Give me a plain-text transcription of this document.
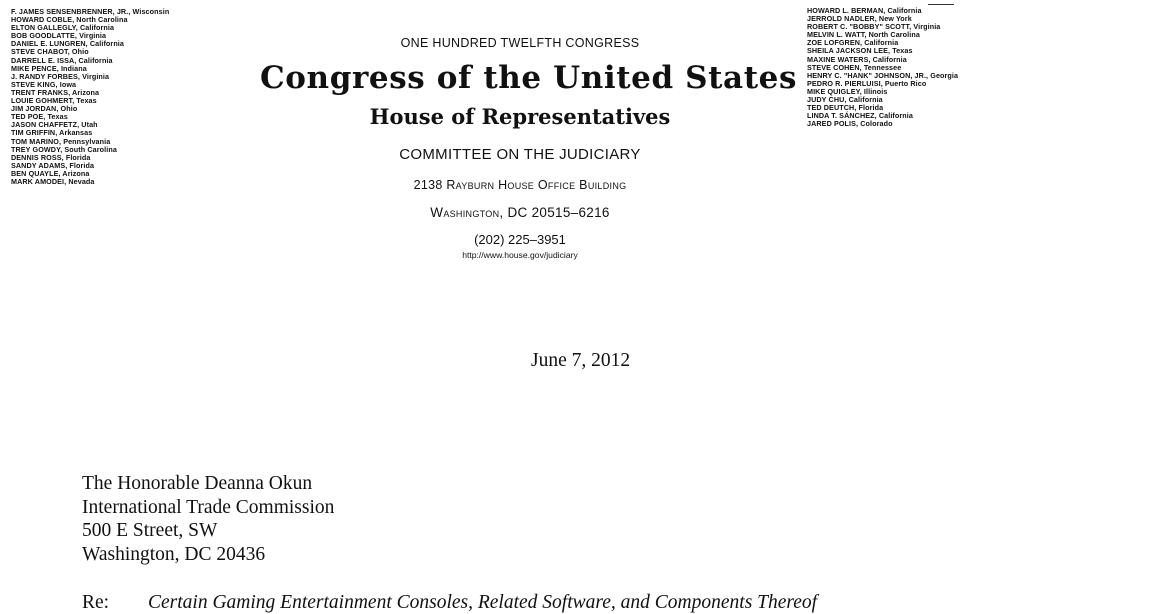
F. JAMES SENSENBRENNER, JR., Wisconsin
HOWARD COBLE, North Carolina
ELTON GALLEGLY, California
BOB GOODLATTE, Virginia
DANIEL E. LUNGREN, California
STEVE CHABOT, Ohio
DARRELL E. ISSA, California
MIKE PENCE, Indiana
J. RANDY FORBES, Virginia
STEVE KING, Iowa
TRENT FRANKS, Arizona
LOUIE GOHMERT, Texas
JIM JORDAN, Ohio
TED POE, Texas
JASON CHAFFETZ, Utah
TIM GRIFFIN, Arkansas
TOM MARINO, Pennsylvania
TREY GOWDY, South Carolina
DENNIS ROSS, Florida
SANDY ADAMS, Florida
BEN QUAYLE, Arizona
MARK AMODEI, Nevada
HOWARD L. BERMAN, California
JERROLD NADLER, New York
ROBERT C. "BOBBY" SCOTT, Virginia
MELVIN L. WATT, North Carolina
ZOE LOFGREN, California
SHEILA JACKSON LEE, Texas
MAXINE WATERS, California
STEVE COHEN, Tennessee
HENRY C. "HANK" JOHNSON, JR., Georgia
PEDRO R. PIERLUISI, Puerto Rico
MIKE QUIGLEY, Illinois
JUDY CHU, California
TED DEUTCH, Florida
LINDA T. SÁNCHEZ, California
JARED POLIS, Colorado
ONE HUNDRED TWELFTH CONGRESS
Congress of the United States
House of Representatives
COMMITTEE ON THE JUDICIARY
2138 Rayburn House Office Building
Washington, DC 20515–6216
(202) 225–3951
http://www.house.gov/judiciary
June 7, 2012
The Honorable Deanna Okun
International Trade Commission
500 E Street, SW
Washington, DC 20436
Re: Certain Gaming Entertainment Consoles, Related Software, and Components Thereof
